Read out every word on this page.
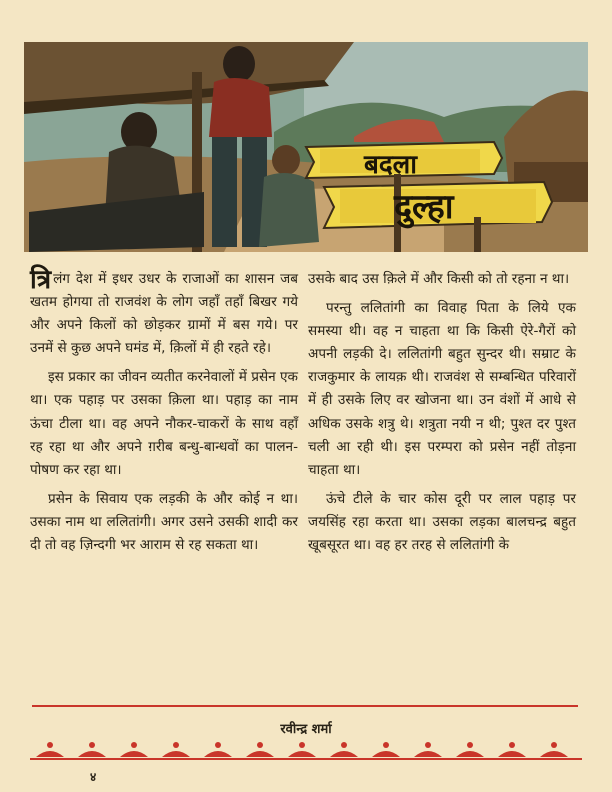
बदला
दुल्हा

त्रि लंग देश में इधर उधर के राजाओं का शासन जब खतम होगया तो राजवंश के लोग जहाँ तहाँ बिखर गये और अपने किलों को छोड़कर ग्रामों में बस गये। पर उनमें से कुछ अपने घमंड में, क़िलों में ही रहते रहे।

इस प्रकार का जीवन व्यतीत करनेवालों में प्रसेन एक था। एक पहाड़ पर उसका क़िला था। पहाड़ का नाम ऊंचा टीला था। वह अपने नौकर-चाकरों के साथ वहाँ रह रहा था और अपने ग़रीब बन्धु-बान्धवों का पालन-पोषण कर रहा था।

प्रसेन के सिवाय एक लड़की के और कोई न था। उसका नाम था ललितांगी। अगर उसने उसकी शादी कर दी तो वह ज़िन्दगी भर आराम से रह सकता था।

उसके बाद उस क़िले में और किसी को तो रहना न था।

परन्तु ललितांगी का विवाह पिता के लिये एक समस्या थी। वह न चाहता था कि किसी ऐरे-गैरों को अपनी लड़की दे। ललितांगी बहुत सुन्दर थी। सम्राट के राजकुमार के लायक़ थी। राजवंश से सम्बन्धित परिवारों में ही उसके लिए वर खोजना था। उन वंशों में आधे से अधिक उसके शत्रु थे। शत्रुता नयी न थी; पुश्त दर पुश्त चली आ रही थी। इस परम्परा को प्रसेन नहीं तोड़ना चाहता था।

ऊंचे टीले के चार कोस दूरी पर लाल पहाड़ पर जयसिंह रहा करता था। उसका लड़का बालचन्द्र बहुत खूबसूरत था। वह हर तरह से ललितांगी के

रवीन्द्र शर्मा
४
